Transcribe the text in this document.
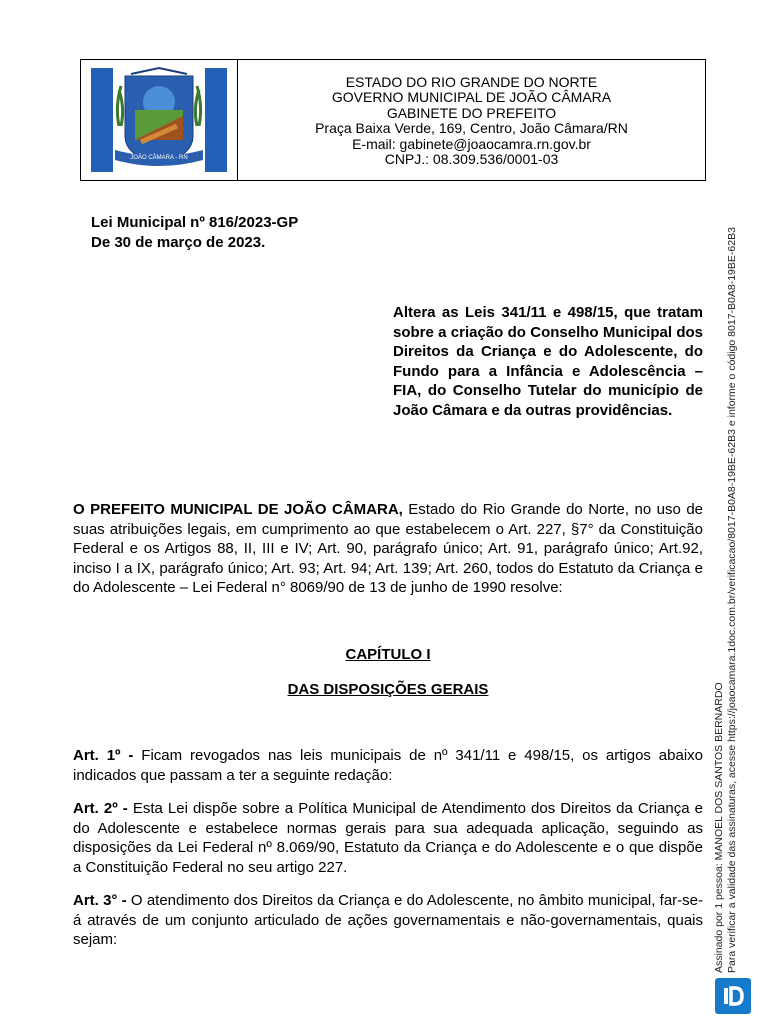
JOÃO CÂMARA - RN
ESTADO DO RIO GRANDE DO NORTE
GOVERNO MUNICIPAL DE JOÃO CÂMARA
GABINETE DO PREFEITO
Praça Baixa Verde, 169, Centro, João Câmara/RN
E-mail: gabinete@joaocamra.rn.gov.br
CNPJ.: 08.309.536/0001-03
Lei Municipal nº 816/2023-GP
De 30 de março de 2023.
Altera as Leis 341/11 e 498/15, que tratam sobre a criação do Conselho Municipal dos Direitos da Criança e do Adolescente, do Fundo para a Infância e Adolescência – FIA, do Conselho Tutelar do município de João Câmara e da outras providências.
O PREFEITO MUNICIPAL DE JOÃO CÂMARA, Estado do Rio Grande do Norte, no uso de suas atribuições legais, em cumprimento ao que estabelecem o Art. 227, §7° da Constituição Federal e os Artigos 88, II, III e IV; Art. 90, parágrafo único; Art. 91, parágrafo único; Art.92, inciso I a IX, parágrafo único; Art. 93; Art. 94; Art. 139; Art. 260, todos do Estatuto da Criança e do Adolescente – Lei Federal n° 8069/90 de 13 de junho de 1990 resolve:
CAPÍTULO I
DAS DISPOSIÇÕES GERAIS
Art. 1º - Ficam revogados nas leis municipais de nº 341/11 e 498/15, os artigos abaixo indicados que passam a ter a seguinte redação:
Art. 2º - Esta Lei dispõe sobre a Política Municipal de Atendimento dos Direitos da Criança e do Adolescente e estabelece normas gerais para sua adequada aplicação, seguindo as disposições da Lei Federal nº 8.069/90, Estatuto da Criança e do Adolescente e o que dispõe a Constituição Federal no seu artigo 227.
Art. 3° - O atendimento dos Direitos da Criança e do Adolescente, no âmbito municipal, far-se-á através de um conjunto articulado de ações governamentais e não-governamentais, quais sejam:	Assinado por 1 pessoa: MANOEL DOS SANTOS BERNARDO Para verificar a validade das assinaturas, acesse https://joaocamara.1doc.com.br/verificacao/8017-B0A8-19BE-62B3 e informe o código 8017-B0A8-19BE-62B3
